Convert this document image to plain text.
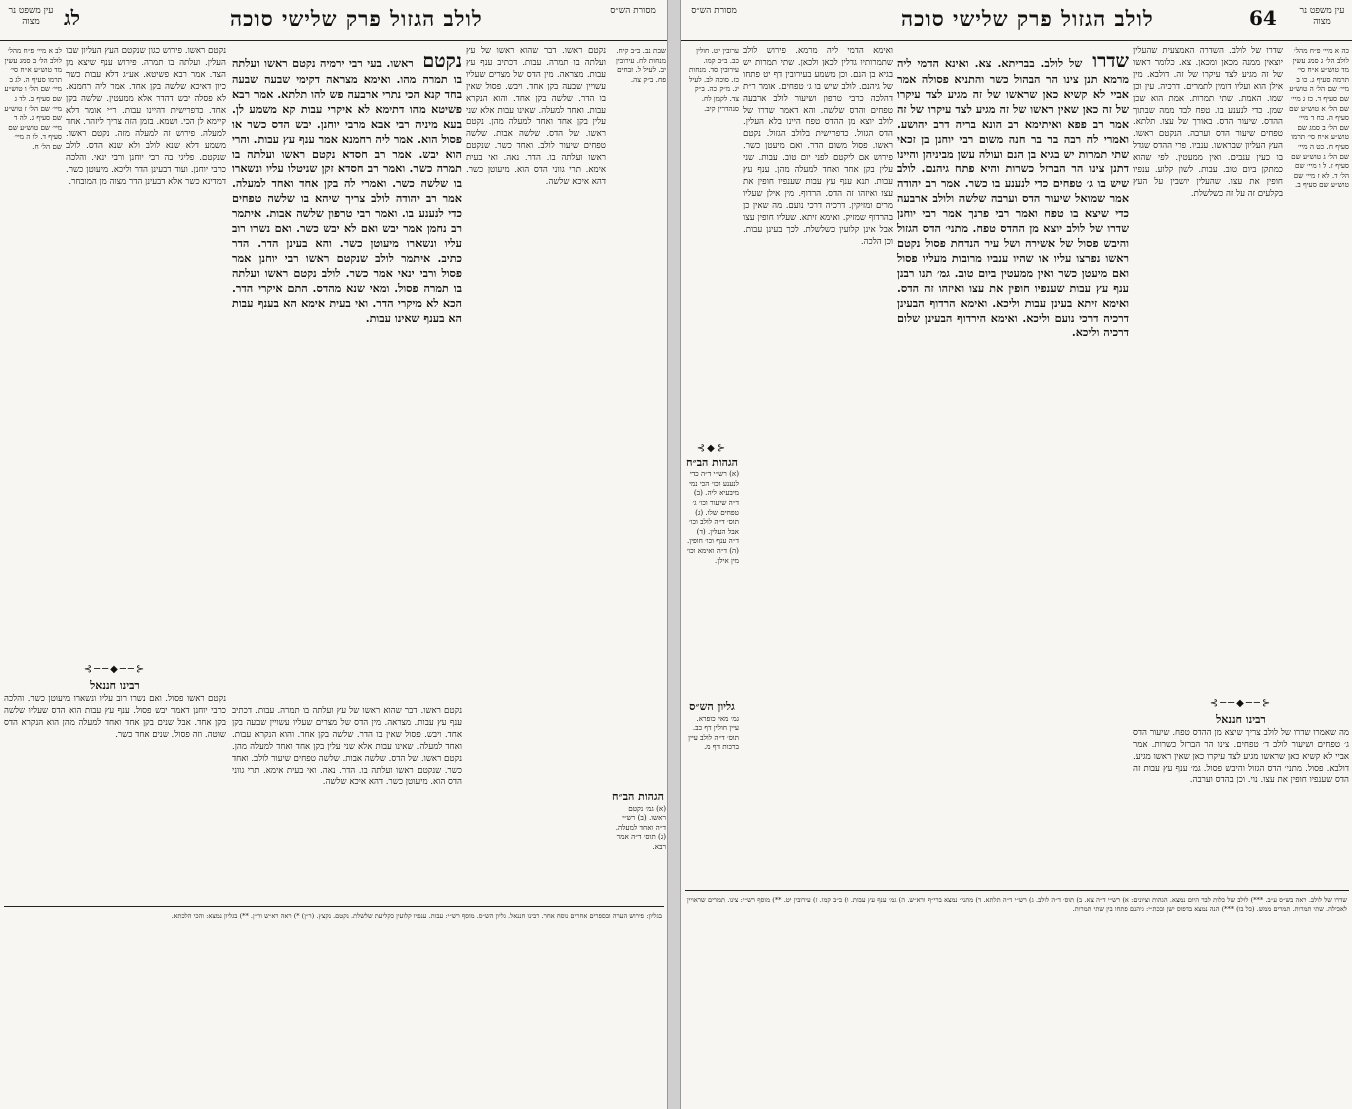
עין משפט נר מצוה	לג	לולב הגזול פרק שלישי סוכה	מסורת הש״ס

לב א מיי׳ פ״ח מהל׳ לולב הל׳ ב סמג עשין מד טוש״ע א״ח סי׳ תרמו סעיף ה. לג ב מיי׳ שם הל׳ ו טוש״ע שם סעיף ב. לד ג מיי׳ שם הל׳ ז טוש״ע שם סעיף ג. לה ד מיי׳ שם טוש״ע שם סעיף ד. לו ה מיי׳ שם הל׳ ח.

נקטם ראשו. פירוש כגון שנקטם העץ העליון שבו העלין. ועלתה בו תמרה. פירוש ענף שיצא מן הצד. אמר רבא פשיטא. אע״ג דלא עבות כשר כיון דאיכא שלשה בקן אחד. אמר ליה רחמנא. לא פסלה יבש דהדר אלא ממעטין. שלשה בקן אחד. כדפרישית דהיינו עבות. ר״י אומר דלא קיימא לן הכי. ושמא. בזמן הזה צריך ליזהר. אחד למעלה. פירוש זה למעלה מזה. נקטם ראשו. משמע דלא שנא לולב ולא שנא הדס. לולב שנקטם. פליגי בה רבי יוחנן ורבי ינאי. והלכה כרבי יוחנן. ועוד דבעינן הדר וליכא. מיעוטן כשר. דמדינא כשר אלא דבעינן הדר מצוה מן המובחר.

⊰──◆──⊱
רבינו חננאל

נקטם ראשו פסול. ואם נשרו רוב עליו ונשארו מיעוטן כשר. והלכה כרבי יוחנן דאמר יבש פסול. ענף עץ עבות הוא הדס שעליו שלשה בקן אחד. אבל שנים בקן אחד ואחד למעלה מהן הוא הנקרא הדס שוטה. וזה פסול. שנים אחד כשר.

נקטם ראשו. בעי רבי ירמיה נקטם ראשו ועלתה בו תמרה מהו. ואימא מצראה דקימי שבעה שבעה בחד קנא הכי נתרי ארבעה פש להו תלתא. אמר רבא פשיטא מהו דתימא לא איקרי עבות קא משמע לן. בעא מיניה רבי אבא מרבי יוחנן. יבש הדס כשר או פסול הוא. אמר ליה רחמנא אמר ענף עץ עבות. והרי הוא יבש. אמר רב חסדא נקטם ראשו ועלתה בו תמרה כשר. ואמר רב חסדא זקן שניטלו עליו ונשארו בו שלשה כשר. ואמרי לה בקן אחד ואחד למעלה. אמר רב יהודה לולב צריך שיהא בו שלשה טפחים כדי לנענע בו. ואמר רבי טרפון שלשה אבות. איתמר רב נחמן אמר יבש ואם לא יבש כשר. ואם נשרו רוב עליו ונשארו מיעוטן כשר. והא בעינן הדר. הדר כתיב. איתמר לולב שנקטם ראשו רבי יוחנן אמר פסול ורבי ינאי אמר כשר. לולב נקטם ראשו ועלתה בו תמרה פסול. ומאי שנא מהדס. התם איקרי הדר. הכא לא מיקרי הדר. ואי בעית אימא הא בענף עבות הא בענף שאינו עבות.

נקטם ראשו. דבר שהוא ראשו של עץ ועלתה בו תמרה. עבות. דכתיב ענף עץ עבות. מצראה. מין הדס של מצרים שעליו עשויין שבעה בקן אחד. ויבש. פסול שאין בו הדר. שלשה בקן אחד. והוא הנקרא עבות. ואחד למעלה. שאינו עבות אלא שני עלין בקן אחד ואחד למעלה מהן. נקטם ראשו. של הדס. שלשה אבות. שלשה טפחים שיעור לולב. ואחד כשר. שנקטם ראשו ועלתה בו. הדר. נאה. ואי בעית אימא. תרי גווני הדס הוא. מיעוטן כשר. דהא איכא שלשה.

שבת נב. ב״ב קיח. מנחות לח. עירובין יב. לעיל ל. זבחים פח. ב״ק צה.

הגהות הב״ח

(א) גמ׳ נקטם ראשו. (ב) רש״י ד״ה ואחד למעלה. (ג) תוס׳ ד״ה אמר רבא.

נקטם ראשו. דבר שהוא ראשו של עץ ועלתה בו תמרה. עבות. דכתיב ענף עץ עבות. מצראה. מין הדס של מצרים שעליו עשויין שבעה בקן אחד. ויבש. פסול שאין בו הדר. שלשה בקן אחד. והוא הנקרא עבות. ואחד למעלה. שאינו עבות אלא שני עלין בקן אחד ואחד למעלה מהן. נקטם ראשו. של הדס. שלשה אבות. שלשה טפחים שיעור לולב. ואחד כשר. שנקטם ראשו ועלתה בו. הדר. נאה. ואי בעית אימא. תרי גווני הדס הוא. מיעוטן כשר. דהא איכא שלשה.

בגליון: פירוש הערה ובספרים אחרים נוסח אחר. רבינו חננאל. גליון הש״ס. מוסף רש״י: עבות. ענפיו קלועין כקליעת שלשלת. נקטם. נקצץ. (ר״ן) *) ראה רא״ש ור״ן. **) בגליון נמצא: והכי הלכתא.

מסורת הש״ס	לולב הגזול פרק שלישי סוכה	64	עין משפט נר מצוה

ערובין יט. חולין כב. ב״ב קמו. עירובין סד. מנחות כז. סוכה לב. לעיל יג. מ״ק כה. ב״ק צד. לקמן לח. סנהדרין קיב.

⊰◆⊱
הגהות הב״ח

(א) רש״י ד״ה כדי לנענע וכו׳ הכי נמי מיבעיא ליה. (ב) ד״ה שיעור וכו׳ ג׳ טפחים שלו. (ג) תוס׳ ד״ה לולב וכו׳ אבל העלין. (ד) ד״ה ענף וכו׳ חופין. (ה) ד״ה ואימא וכו׳ מין אילן.

גליון הש״ס

גמ׳ מאי כופרא. עיין חולין דף כב. תוס׳ ד״ה לולב עיין ברכות דף מ.

ואימא הדמי ליה מרמא. פירוש לולב שתמרותיו גדלין לכאן ולכאן. שתי תמרות יש בגיא בן הנם. וכן משמע בעירובין דף יט פתחו של גיהנם. לולב שיש בו ג׳ טפחים. אומר ר״ת דהלכה כרבי טרפון ושיעור לולב ארבעה טפחים והדס שלשה. והא דאמר שדרו של לולב יוצא מן ההדס טפח היינו בלא העלין. הדס הגזול. כדפרישית בלולב הגזול. נקטם ראשו. פסול משום הדר. ואם מיעטן כשר. פירוש אם ליקטם לפני יום טוב. עבות. שני עלין בקן אחד ואחד למעלה מהן. ענף עץ עבות. תנא ענף עץ עבות שענפיו חופין את עצו ואיזהו זה הדס. הרדוף. מין אילן שעליו מרים ומזיקין. דרכיה דרכי נועם. מה שאין כן בהרדוף שמזיק. ואימא זיתא. שעליו חופין עצו אבל אינן קלועין כשלשלת. לכך בעינן עבות. וכן הלכה.

שדרו של לולב. בבריתא. צא. ואינא הדמי ליה מרמא תנן צינו הר הבהול כשר והתניא פסולה אמר אביי לא קשיא כאן שראשו של זה מגיע לצד עיקרו של זה כאן שאין ראשו של זה מגיע לצד עיקרו של זה אמר רב פפא ואיתימא רב הונא בריה דרב יהושע. ואמרי לה רבה בר בר חנה משום רבי יוחנן בן זכאי שתי תמרות יש בגיא בן הנם ועולה עשן מביניהן והיינו דתנן צינו הר הברזל כשרות והיא פתח גיהנם. לולב שיש בו ג׳ טפחים כדי לנענע בו כשר. אמר רב יהודה אמר שמואל שיעור הדס וערבה שלשה ולולב ארבעה כדי שיצא בו טפח ואמר רבי פרנך אמר רבי יוחנן שדרו של לולב יוצא מן ההדס טפח. מתני׳ הדס הגזול והיבש פסול של אשירה ושל עיר הנדחת פסול נקטם ראשו נפרצו עליו או שהיו ענביו מרובות מעליו פסול ואם מיעטן כשר ואין ממעטין ביום טוב. גמ׳ תנו רבנן ענף עץ עבות שענפיו חופין את עצו ואיזהו זה הדס. ואימא זיתא בעינן עבות וליכא. ואימא הרדוף הבעינן דרכיה דרכי נועם וליכא. ואימא הירדוף הבעינן שלום דרכיה וליכא.

שדרו של לולב. השדרה האמצעית שהעלין יוצאין ממנה מכאן ומכאן. צא. כלומר ראשו של זה מגיע לצד עיקרו של זה. דולבא. מין אילן הוא ועליו דומין לתמרים. דרכיה. עין וכן שמו. האמת. שתי תמרות. אמת הוא שכן שמן. כדי לנענע בו. טפח לבד ממה שבתוך ההדס. שיעור הדס. באורך של עצו. תלתא. טפחים שיעור הדס וערבה. הנקטם ראשו. העץ העליון שבראשו. ענביו. פרי ההדס שגדל בו כעין ענבים. ואין ממעטין. לפי שהוא כמתקן ביום טוב. עבות. לשון קלוע. ענפיו חופין את עצו. שהעלין יושבין על העץ בקלעים זה על זה כשלשלת.

כה א מיי׳ פ״ח מהל׳ לולב הל׳ ג סמג עשין מד טוש״ע א״ח סי׳ תרמה סעיף ג. כו ב מיי׳ שם הל׳ ה טוש״ע שם סעיף ד. כז ג מיי׳ שם הל׳ א טוש״ע שם סעיף ה. כח ד מיי׳ שם הל׳ ב סמג שם טוש״ע א״ח סי׳ תרמו סעיף ח. כט ה מיי׳ שם הל׳ ג טוש״ע שם סעיף ז. ל ו מיי׳ שם הל׳ ד. לא ז מיי׳ שם טוש״ע שם סעיף ב.

⊰──◆──⊱
רבינו חננאל

מה שאמרו שדרו של לולב צריך שיצא מן ההדס טפח. שיעור הדס ג׳ טפחים ושיעור לולב ד׳ טפחים. צינו הר הברזל כשרות. אמר אביי לא קשיא כאן שראשו מגיע לצד עיקרו כאן שאין ראשו מגיע. דולבא. פסול. מתני׳ הדס הגזול והיבש פסול. גמ׳ ענף עץ עבות זה הדס שענפיו חופין את עצו. נוי. וכן בהדס וערבה.

שדרו של לולב. ראה בש״ס ע״ב. ***) לולב של כלות לבר היום נמצא. הגהות וציונים: א) רש״י ד״ה צא. ב) תוס׳ ד״ה לולב. ג) רש״י ד״ה תלתא. ד) מתני׳ נמצא ברי״ף ורא״ש. ה) גמ׳ ענף עץ עבות. ו) ב״ב קמו. ז) עירובין יט. **) מוסף רש״י: צינו. תמרים שראויין לאכילה. שתי תמרות. תמרים ממש. (כל בו) ***) הנה נמצא בדפוס ישן ובכת״י: גיהנם פתחו בין שתי תמרות.
